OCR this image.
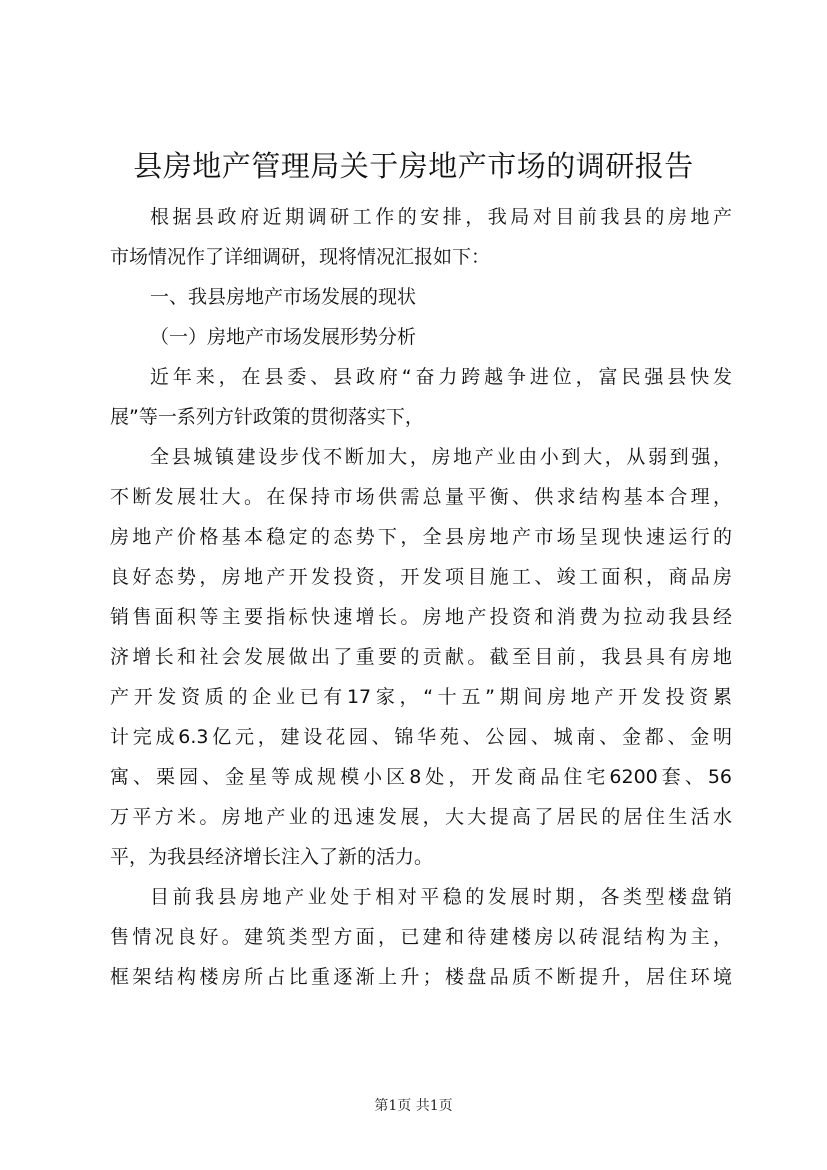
县房地产管理局关于房地产市场的调研报告
根据县政府近期调研工作的安排，我局对目前我县的房地产
市场情况作了详细调研，现将情况汇报如下：
一、我县房地产市场发展的现状
（一）房地产市场发展形势分析
近年来，在县委、县政府“奋力跨越争进位，富民强县快发
展”等一系列方针政策的贯彻落实下，
全县城镇建设步伐不断加大，房地产业由小到大，从弱到强，
不断发展壮大。在保持市场供需总量平衡、供求结构基本合理，
房地产价格基本稳定的态势下，全县房地产市场呈现快速运行的
良好态势，房地产开发投资，开发项目施工、竣工面积，商品房
销售面积等主要指标快速增长。房地产投资和消费为拉动我县经
济增长和社会发展做出了重要的贡献。截至目前，我县具有房地
产开发资质的企业已有17家，“十五”期间房地产开发投资累
计完成6.3亿元，建设花园、锦华苑、公园、城南、金都、金明
寓、栗园、金星等成规模小区8处，开发商品住宅6200套、56
万平方米。房地产业的迅速发展，大大提高了居民的居住生活水
平，为我县经济增长注入了新的活力。
目前我县房地产业处于相对平稳的发展时期，各类型楼盘销
售情况良好。建筑类型方面，已建和待建楼房以砖混结构为主，
框架结构楼房所占比重逐渐上升；楼盘品质不断提升，居住环境
第1页 共1页
